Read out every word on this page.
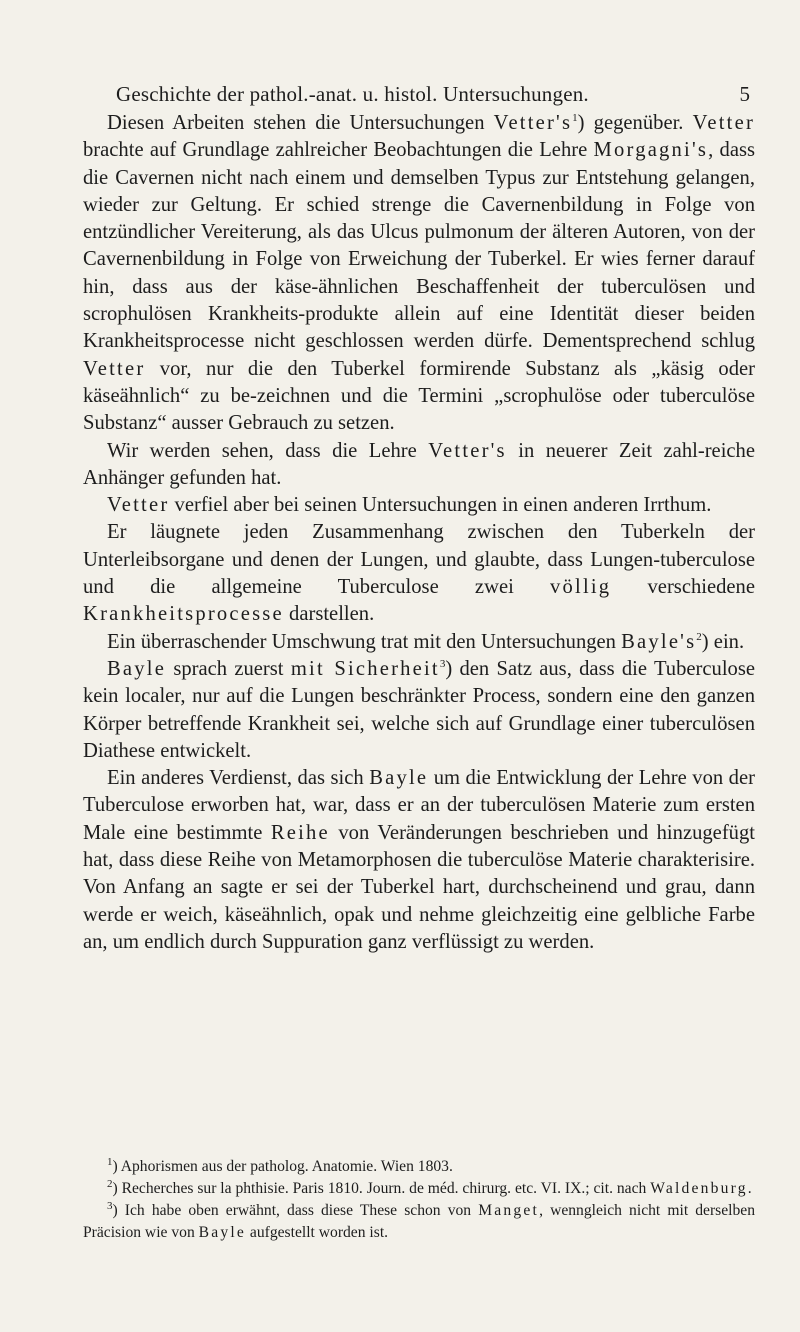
Geschichte der pathol.-anat. u. histol. Untersuchungen.	5

Diesen Arbeiten stehen die Untersuchungen $Vetter's^1$) gegenüber. Vetter brachte auf Grundlage zahlreicher Beobachtungen die Lehre Morgagni's, dass die Cavernen nicht nach einem und demselben Typus zur Entstehung gelangen, wieder zur Geltung. Er schied strenge die Cavernenbildung in Folge von entzündlicher Vereiterung, als das Ulcus pulmonum der älteren Autoren, von der Cavernenbildung in Folge von Erweichung der Tuberkel. Er wies ferner darauf hin, dass aus der käse-ähnlichen Beschaffenheit der tuberculösen und scrophulösen Krankheits-produkte allein auf eine Identität dieser beiden Krankheitsprocesse nicht geschlossen werden dürfe. Dementsprechend schlug Vetter vor, nur die den Tuberkel formirende Substanz als „käsig oder käseähnlich“ zu be-zeichnen und die Termini „scrophulöse oder tuberculöse Substanz“ ausser Gebrauch zu setzen.

Wir werden sehen, dass die Lehre Vetter's in neuerer Zeit zahl-reiche Anhänger gefunden hat.

Vetter verfiel aber bei seinen Untersuchungen in einen anderen Irrthum.

Er läugnete jeden Zusammenhang zwischen den Tuberkeln der Unterleibsorgane und denen der Lungen, und glaubte, dass Lungen-tuberculose und die allgemeine Tuberculose zwei völlig verschiedene Krankheitsprocesse darstellen.

Ein überraschender Umschwung trat mit den Untersuchungen $Bayle's^2$) ein.

Bayle sprach zuerst mit Sicherheit$^3$) den Satz aus, dass die Tuberculose kein localer, nur auf die Lungen beschränkter Process, sondern eine den ganzen Körper betreffende Krankheit sei, welche sich auf Grundlage einer tuberculösen Diathese entwickelt.

Ein anderes Verdienst, das sich Bayle um die Entwicklung der Lehre von der Tuberculose erworben hat, war, dass er an der tuberculösen Materie zum ersten Male eine bestimmte Reihe von Veränderungen beschrieben und hinzugefügt hat, dass diese Reihe von Metamorphosen die tuberculöse Materie charakterisire. Von Anfang an sagte er sei der Tuberkel hart, durchscheinend und grau, dann werde er weich, käseähnlich, opak und nehme gleichzeitig eine gelbliche Farbe an, um endlich durch Suppuration ganz verflüssigt zu werden.

$^1$) Aphorismen aus der patholog. Anatomie. Wien 1803.

$^2$) Recherches sur la phthisie. Paris 1810. Journ. de méd. chirurg. etc. VI. IX.; cit. nach Waldenburg.

$^3$) Ich habe oben erwähnt, dass diese These schon von Manget, wenngleich nicht mit derselben Präcision wie von Bayle aufgestellt worden ist.
